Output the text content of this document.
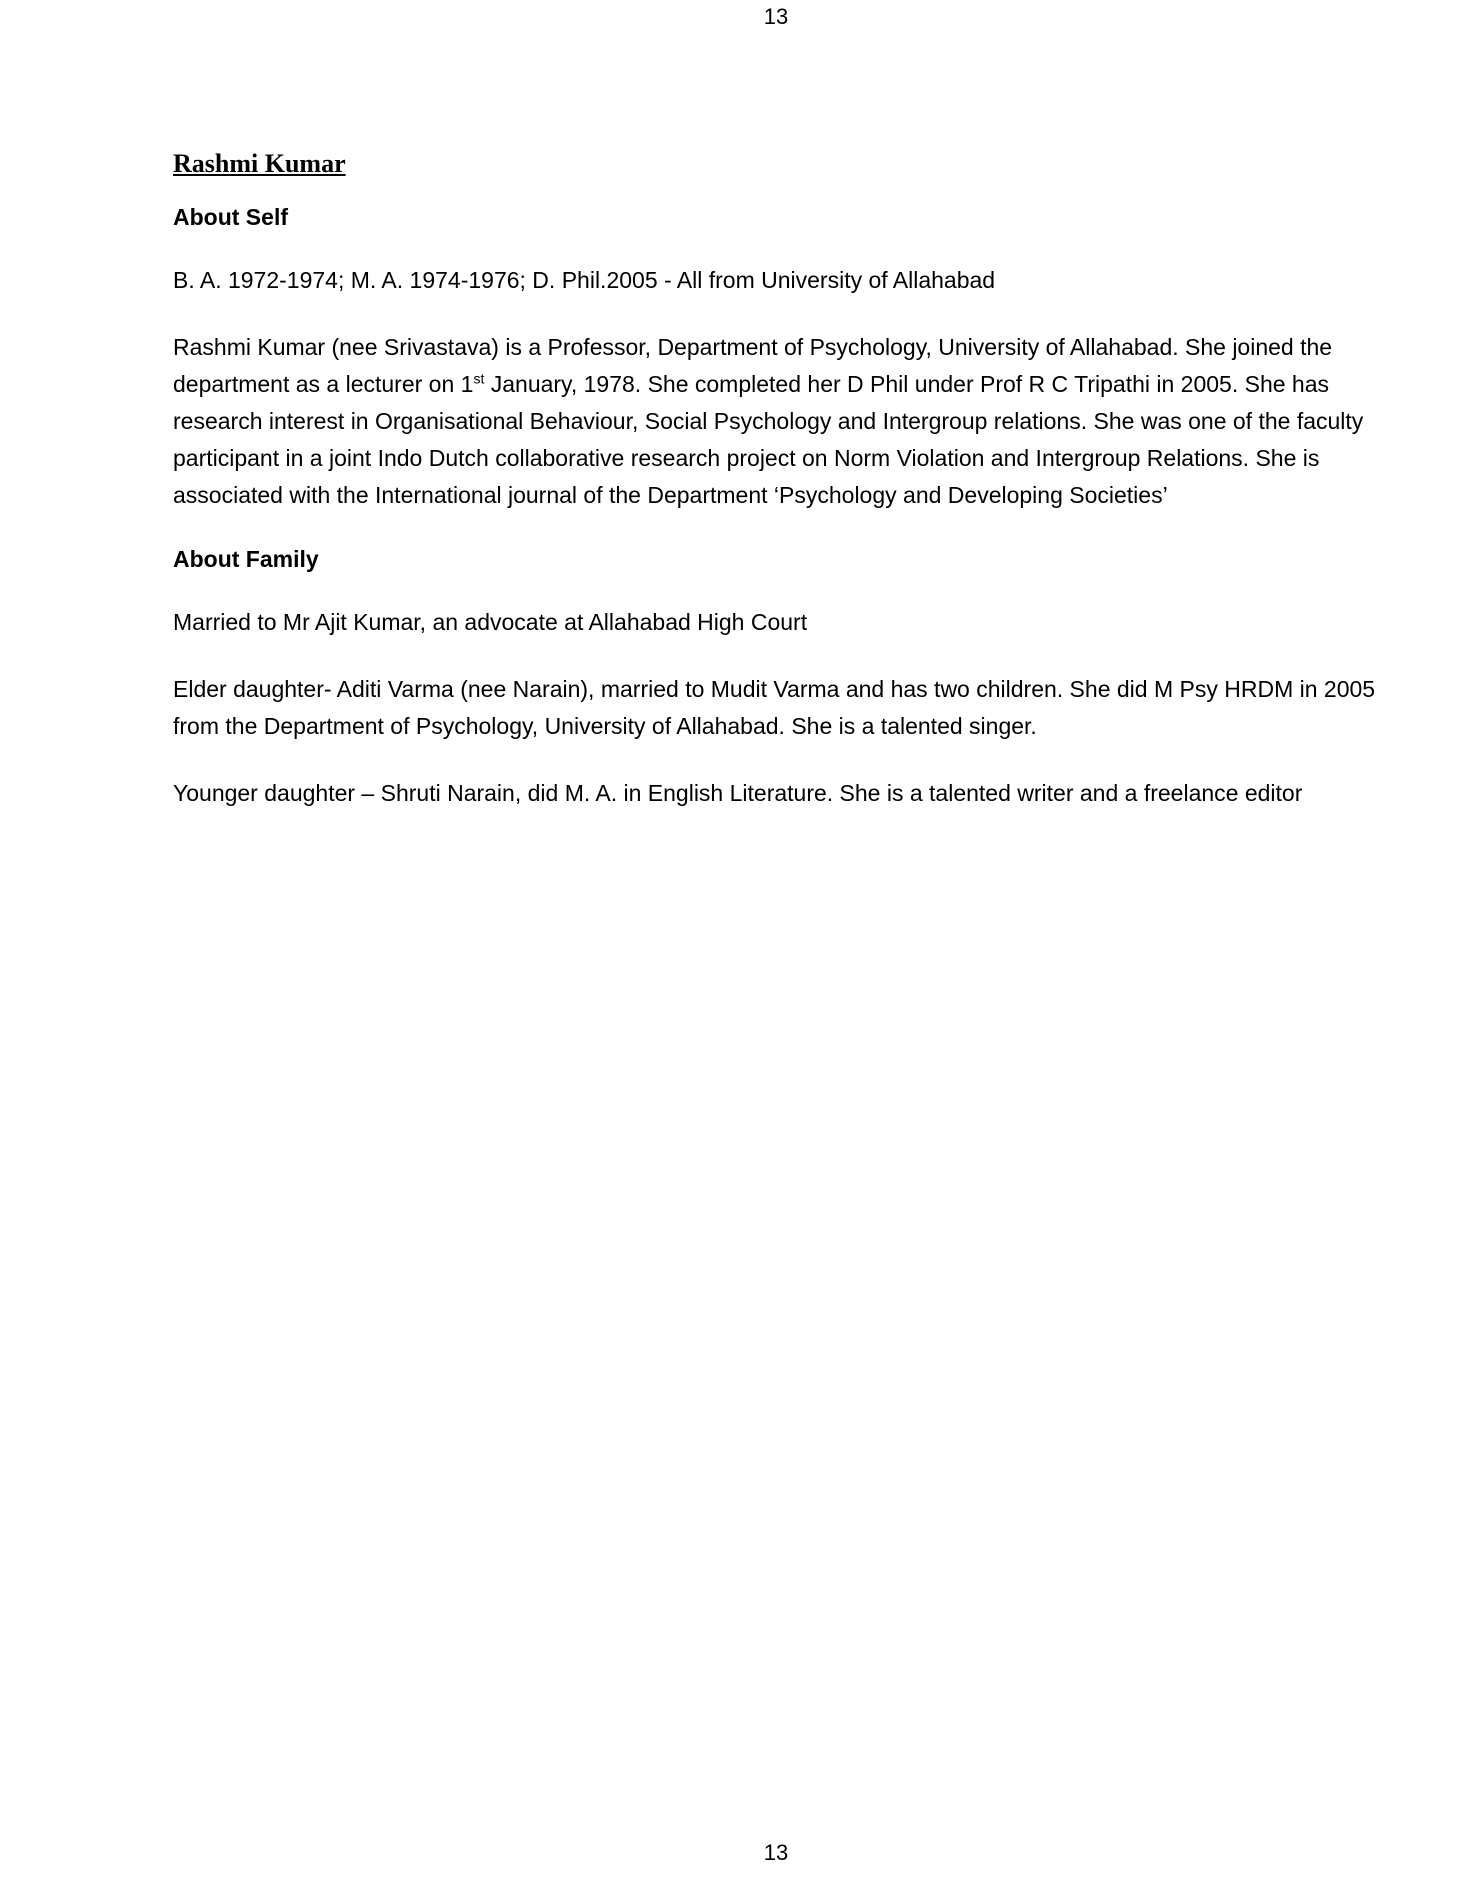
13
Rashmi Kumar
About Self

B. A. 1972-1974; M. A. 1974-1976; D. Phil.2005 - All from University of Allahabad

Rashmi Kumar (nee Srivastava) is a Professor, Department of Psychology, University of Allahabad. She joined the department as a lecturer on 1st January, 1978. She completed her D Phil under Prof R C Tripathi in 2005. She has research interest in Organisational Behaviour, Social Psychology and Intergroup relations. She was one of the faculty participant in a joint Indo Dutch collaborative research project on Norm Violation and Intergroup Relations. She is associated with the International journal of the Department ‘Psychology and Developing Societies’

About Family

Married to Mr Ajit Kumar, an advocate at Allahabad High Court

Elder daughter- Aditi Varma (nee Narain), married to Mudit Varma and has two children. She did M Psy HRDM in 2005 from the Department of Psychology, University of Allahabad. She is a talented singer.

Younger daughter – Shruti Narain, did M. A. in English Literature. She is a talented writer and a freelance editor

13
